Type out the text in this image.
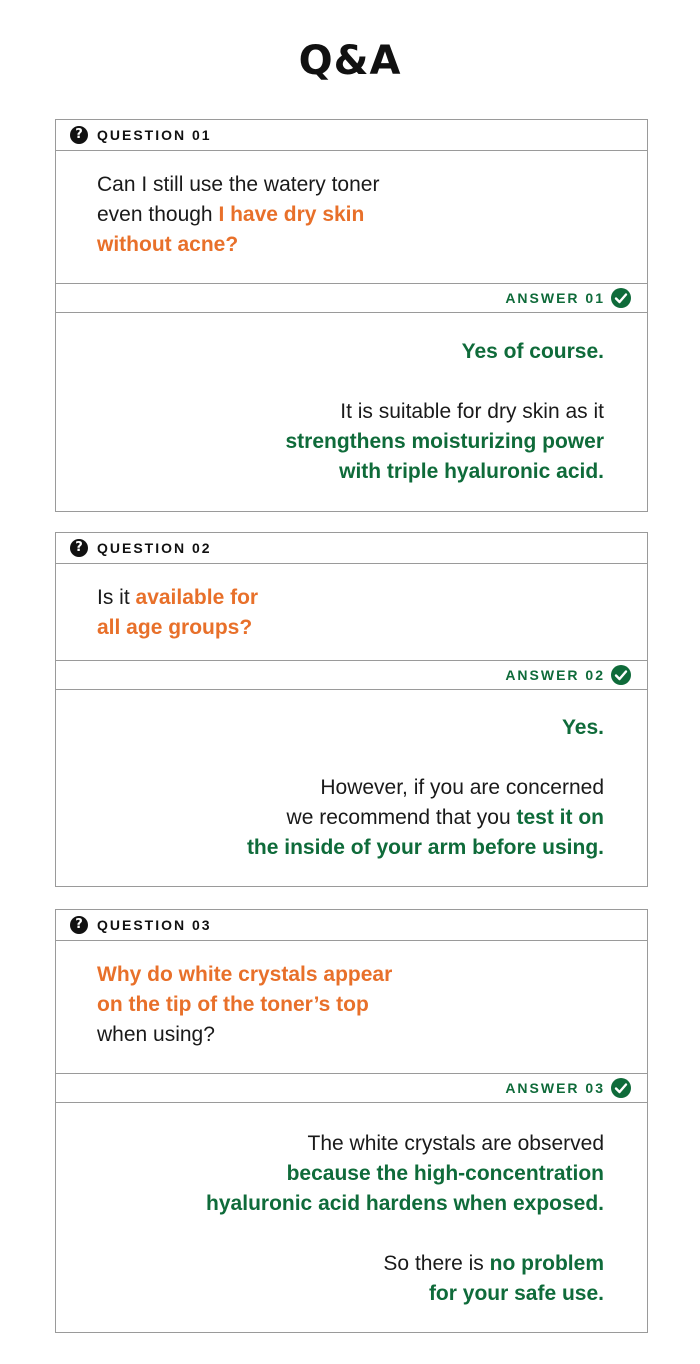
Q&A
?	QUESTION 01
Can I still use the watery toner
even though I have dry skin
without acne?
ANSWER 01
Yes of course.
It is suitable for dry skin as it
strengthens moisturizing power
with triple hyaluronic acid.
?	QUESTION 02
Is it available for
all age groups?
ANSWER 02
Yes.
However, if you are concerned
we recommend that you test it on
the inside of your arm before using.
?	QUESTION 03
Why do white crystals appear
on the tip of the toner’s top
when using?
ANSWER 03
The white crystals are observed
because the high-concentration
hyaluronic acid hardens when exposed.
So there is no problem
for your safe use.
